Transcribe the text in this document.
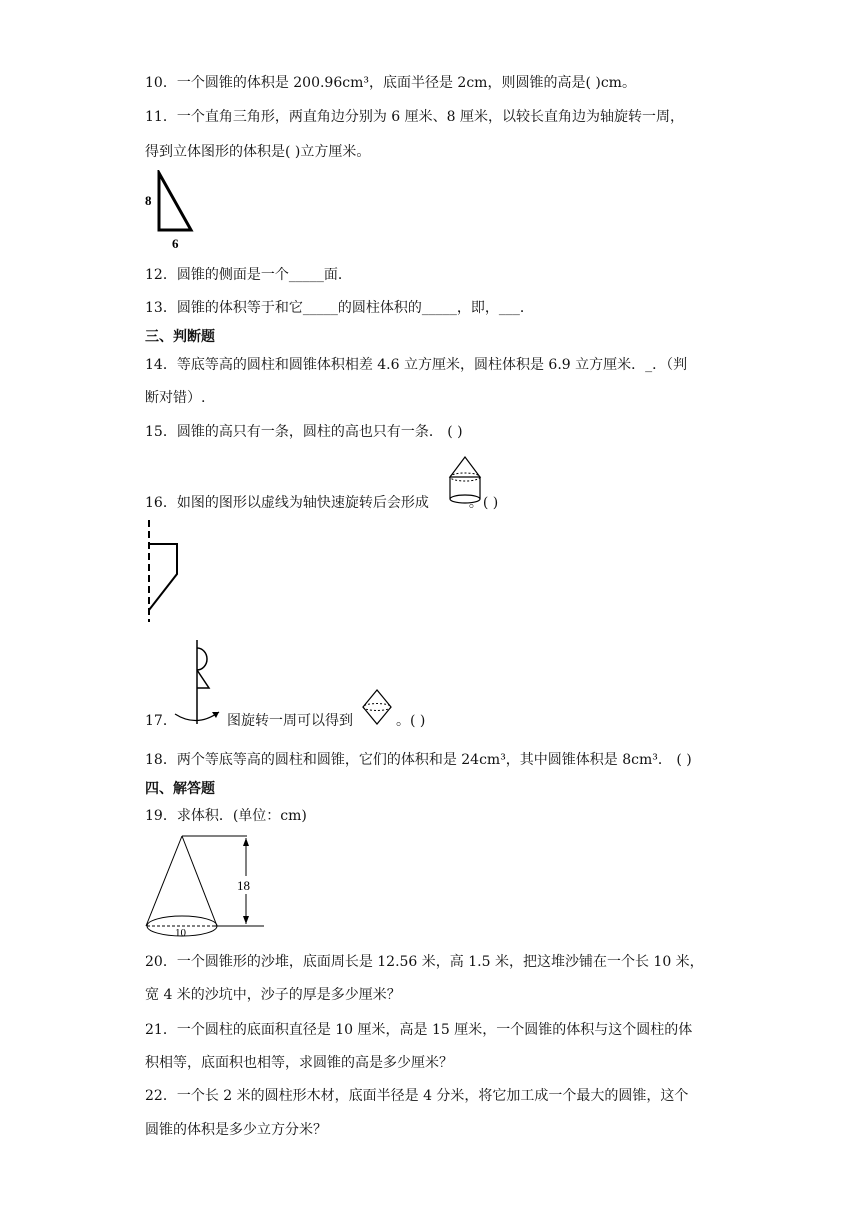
10．一个圆锥的体积是 200.96cm³，底面半径是 2cm，则圆锥的高是( )cm。
11．一个直角三角形，两直角边分别为 6 厘米、8 厘米，以较长直角边为轴旋转一周，
得到立体图形的体积是( )立方厘米。
8
6
12．圆锥的侧面是一个_____面．
13．圆锥的体积等于和它_____的圆柱体积的_____，即，___．
三、判断题
14．等底等高的圆柱和圆锥体积相差 4.6 立方厘米，圆柱体积是 6.9 立方厘米．_．（判
断对错）.
15．圆锥的高只有一条，圆柱的高也只有一条． ( )
16．如图的图形以虚线为轴快速旋转后会形成	。( )
17．	图旋转一周可以得到	。( )
18．两个等底等高的圆柱和圆锥，它们的体积和是 24cm³，其中圆锥体积是 8cm³． ( )
四、解答题
19．求体积．(单位：cm)
18
10
20．一个圆锥形的沙堆，底面周长是 12.56 米，高 1.5 米，把这堆沙铺在一个长 10 米，
宽 4 米的沙坑中，沙子的厚是多少厘米？
21．一个圆柱的底面积直径是 10 厘米，高是 15 厘米，一个圆锥的体积与这个圆柱的体
积相等，底面积也相等，求圆锥的高是多少厘米？
22．一个长 2 米的圆柱形木材，底面半径是 4 分米，将它加工成一个最大的圆锥，这个
圆锥的体积是多少立方分米？
